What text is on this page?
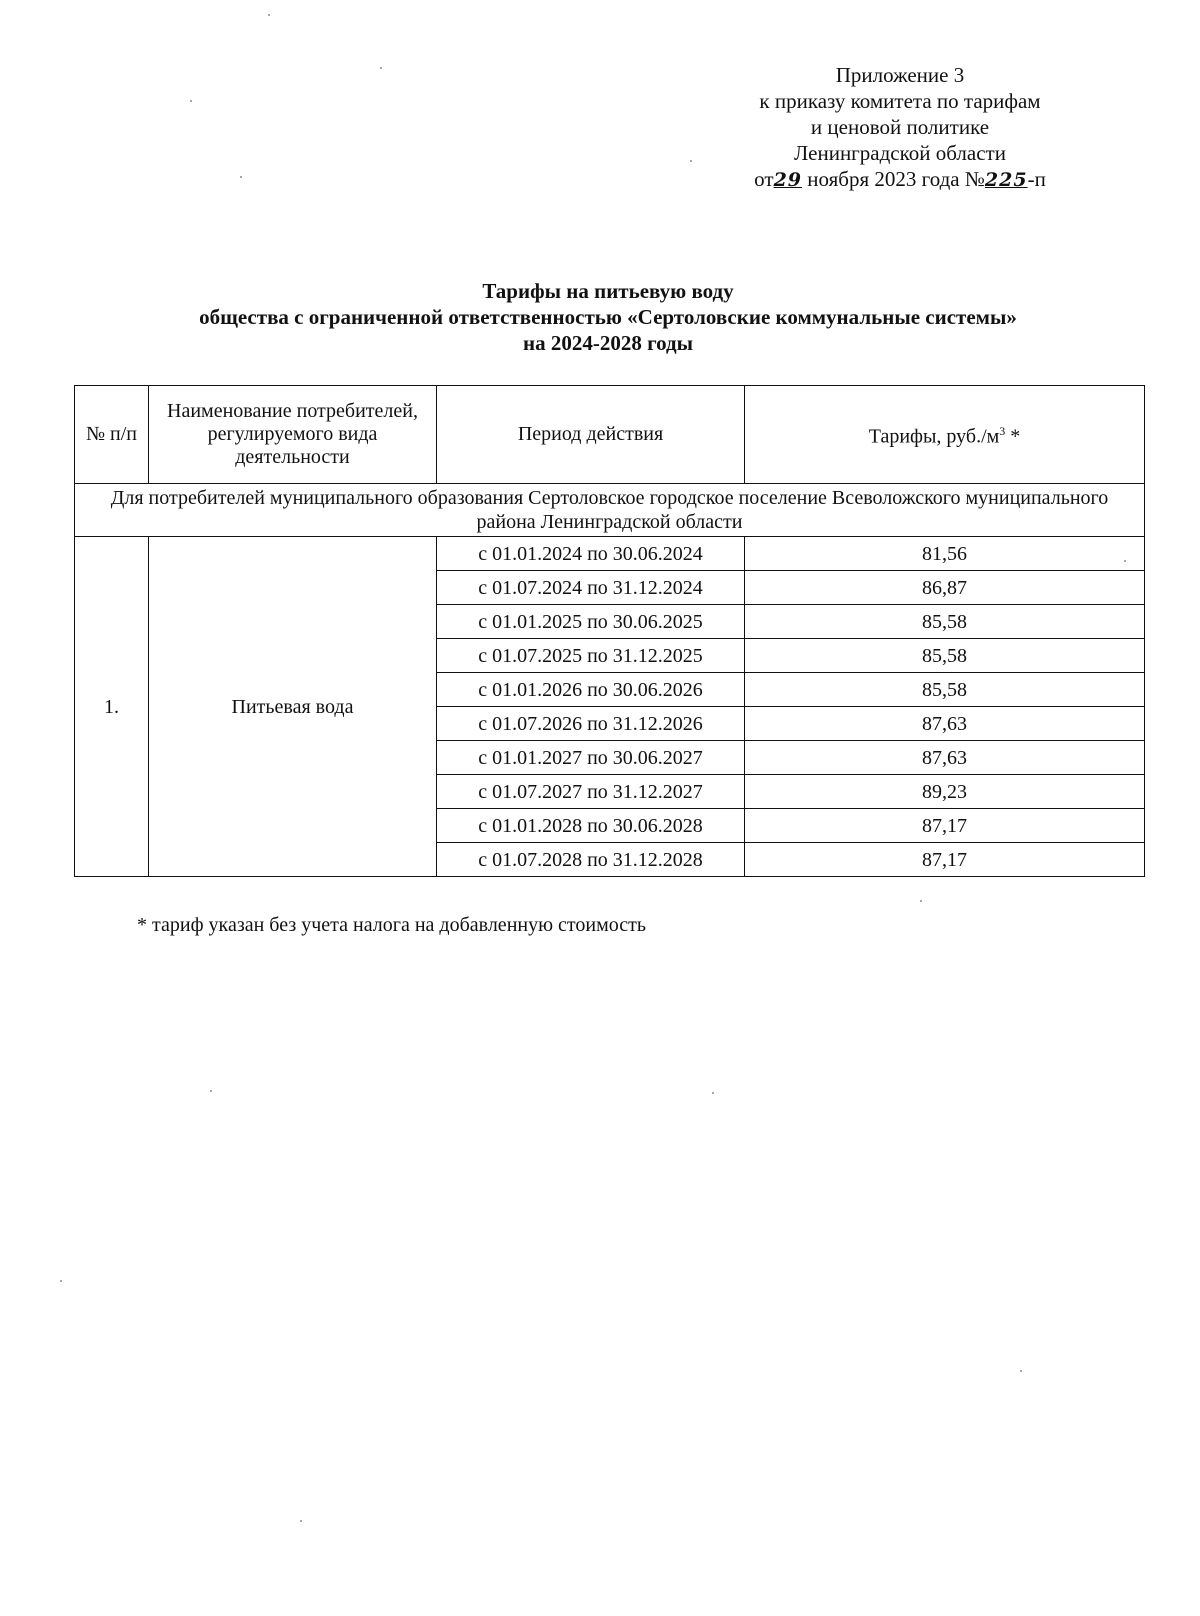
Приложение 3
к приказу комитета по тарифам
и ценовой политике
Ленинградской области
от29 ноября 2023 года №225-п
Тарифы на питьевую воду
общества с ограниченной ответственностью «Сертоловские коммунальные системы»
на 2024-2028 годы
№ п/п	Наименование потребителей, регулируемого вида деятельности	Период действия	Тарифы, $руб./м^3$ *
Для потребителей муниципального образования Сертоловское городское поселение Всеволожского муниципального района Ленинградской области			
1.	Питьевая вода	с 01.01.2024 по 30.06.2024	81,56
		с 01.07.2024 по 31.12.2024	86,87
		с 01.01.2025 по 30.06.2025	85,58
		с 01.07.2025 по 31.12.2025	85,58
		с 01.01.2026 по 30.06.2026	85,58
		с 01.07.2026 по 31.12.2026	87,63
		с 01.01.2027 по 30.06.2027	87,63
		с 01.07.2027 по 31.12.2027	89,23
		с 01.01.2028 по 30.06.2028	87,17
		с 01.07.2028 по 31.12.2028	87,17
* тариф указан без учета налога на добавленную стоимость
